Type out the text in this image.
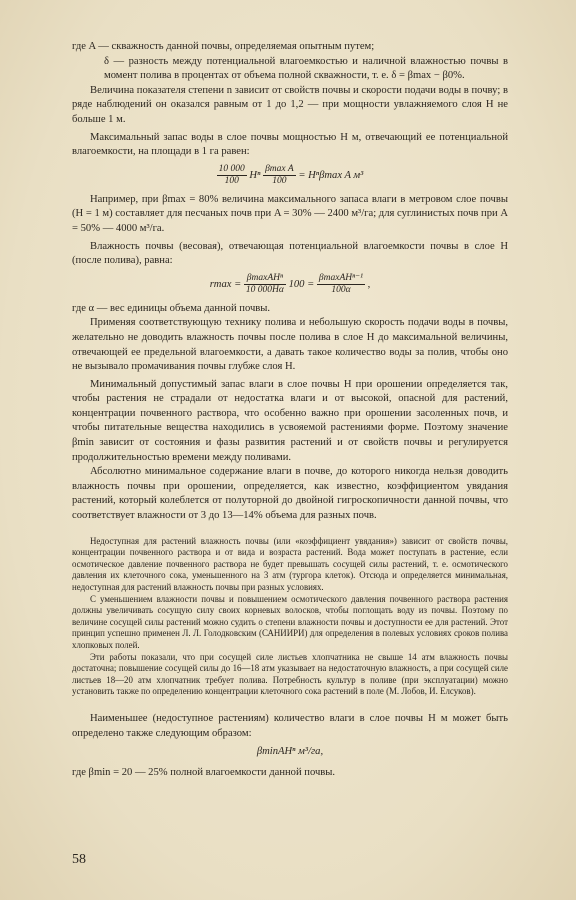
где A — скважность данной почвы, определяемая опытным путем;

δ — разность между потенциальной влагоемкостью и наличной влажностью почвы в момент полива в процентах от объема полной скважности, т. е. δ = βmax − β0%.

Величина показателя степени n зависит от свойств почвы и скорости подачи воды в почву; в ряде наблюдений он оказался равным от 1 до 1,2 — при мощности увлажняемого слоя H не больше 1 м.

Максимальный запас воды в слое почвы мощностью H м, отвечающий ее потенциальной влагоемкости, на площади в 1 га равен:

$\frac{10 000}{100}$ Hⁿ $\frac{\text{βmax A}}{100} = H^n\beta\max$ A м³

Например, при βmax = 80% величина максимального запаса влаги в метровом слое почвы (H = 1 м) составляет для песчаных почв при A = 30% — 2400 м³/га; для суглинистых почв при A = 50% — 4000 м³/га.

Влажность почвы (весовая), отвечающая потенциальной влагоемкости почвы в слое H (после полива), равна:

$rmax = \frac{\text{βmaxAHⁿ}}{10 000H\alpha} 100 = \frac{\text{βmaxAHⁿ⁻¹}}{100\alpha}$ ,

где α — вес единицы объема данной почвы.

Применяя соответствующую технику полива и небольшую скорость подачи воды в почвы, желательно не доводить влажность почвы после полива в слое H до максимальной величины, отвечающей ее предельной влагоемкости, а давать такое количество воды за полив, чтобы оно не вызывало промачивания почвы глубже слоя H.

Минимальный допустимый запас влаги в слое почвы H при орошении определяется так, чтобы растения не страдали от недостатка влаги и от высокой, опасной для растений, концентрации почвенного раствора, что особенно важно при орошении засоленных почв, и чтобы питательные вещества находились в усвояемой растениями форме. Поэтому значение βmin зависит от состояния и фазы развития растений и от свойств почвы и регулируется продолжительностью времени между поливами.

Абсолютно минимальное содержание влаги в почве, до которого никогда нельзя доводить влажность почвы при орошении, определяется, как известно, коэффициентом увядания растений, который колеблется от полуторной до двойной гигроскопичности данной почвы, что соответствует влажности от 3 до 13—14% объема для разных почв.

Недоступная для растений влажность почвы (или «коэффициент увядания») зависит от свойств почвы, концентрации почвенного раствора и от вида и возраста растений. Вода может поступать в растение, если осмотическое давление почвенного раствора не будет превышать сосущей силы растений, т. е. осмотического давления их клеточного сока, уменьшенного на 3 атм (тургора клеток). Отсюда и определяется минимальная, недоступная для растений влажность почвы при разных условиях.

С уменьшением влажности почвы и повышением осмотического давления почвенного раствора растения должны увеличивать сосущую силу своих корневых волосков, чтобы поглощать воду из почвы. Поэтому по величине сосущей силы растений можно судить о степени влажности почвы и доступности ее для растений. Этот принцип успешно применен Л. Л. Голодковским (САНИИРИ) для определения в полевых условиях сроков полива хлопковых полей.

Эти работы показали, что при сосущей силе листьев хлопчатника не свыше 14 атм влажность почвы достаточна; повышение сосущей силы до 16—18 атм указывает на недостаточную влажность, а при сосущей силе листьев 18—20 атм хлопчатник требует полива. Потребность культур в поливе (при эксплуатации) можно установить также по определению концентрации клеточного сока растений в поле (М. Лобов, И. Елсуков).

Наименьшее (недоступное растениям) количество влаги в слое почвы H м может быть определено также следующим образом:

βminAHⁿ м³/га,

где βmin = 20 — 25% полной влагоемкости данной почвы.

58
